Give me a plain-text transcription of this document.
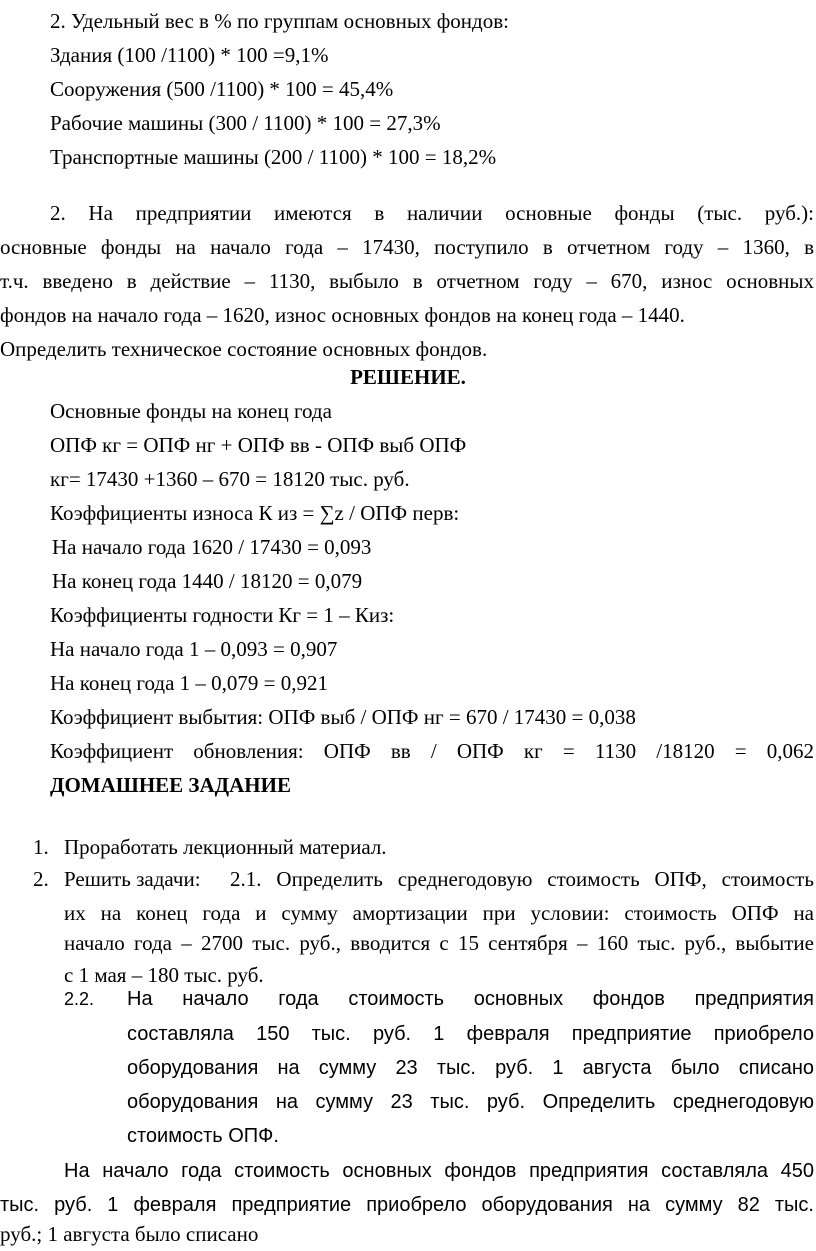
2. Удельный вес в % по группам основных фондов:
Здания (100 /1100) * 100 =9,1%
Сооружения (500 /1100) * 100 = 45,4%
Рабочие машины (300 / 1100) * 100 = 27,3%
Транспортные машины (200 / 1100) * 100 = 18,2%
2. На предприятии имеются в наличии основные фонды (тыс. руб.):
основные фонды на начало года – 17430, поступило в отчетном году – 1360, в
т.ч. введено в действие – 1130, выбыло в отчетном году – 670, износ основных
фондов на начало года – 1620, износ основных фондов на конец года – 1440.
Определить техническое состояние основных фондов.
РЕШЕНИЕ.
Основные фонды на конец года
ОПФ кг = ОПФ нг + ОПФ вв - ОПФ выб ОПФ
кг= 17430 +1360 – 670 = 18120 тыс. руб.
Коэффициенты износа К из = ∑z / ОПФ перв:
На начало года 1620 / 17430 = 0,093
На конец года 1440 / 18120 = 0,079
Коэффициенты годности Кг = 1 – Киз:
На начало года 1 – 0,093 = 0,907
На конец года 1 – 0,079 = 0,921
Коэффициент выбытия: ОПФ выб / ОПФ нг = 670 / 17430 = 0,038
Коэффициент обновления: ОПФ вв / ОПФ кг = 1130 /18120 = 0,062
ДОМАШНЕЕ ЗАДАНИЕ
1. Проработать лекционный материал.
2. Решить задачи: 2.1. Определить среднегодовую стоимость ОПФ, стоимость
их на конец года и сумму амортизации при условии: стоимость ОПФ на
начало года – 2700 тыс. руб., вводится с 15 сентября – 160 тыс. руб., выбытие
с 1 мая – 180 тыс. руб.
2.2. На начало года стоимость основных фондов предприятия
составляла 150 тыс. руб. 1 февраля предприятие приобрело
оборудования на сумму 23 тыс. руб. 1 августа было списано
оборудования на сумму 23 тыс. руб. Определить среднегодовую
стоимость ОПФ.
На начало года стоимость основных фондов предприятия составляла 450
тыс. руб. 1 февраля предприятие приобрело оборудования на сумму 82 тыс.
руб.; 1 августа было списано
